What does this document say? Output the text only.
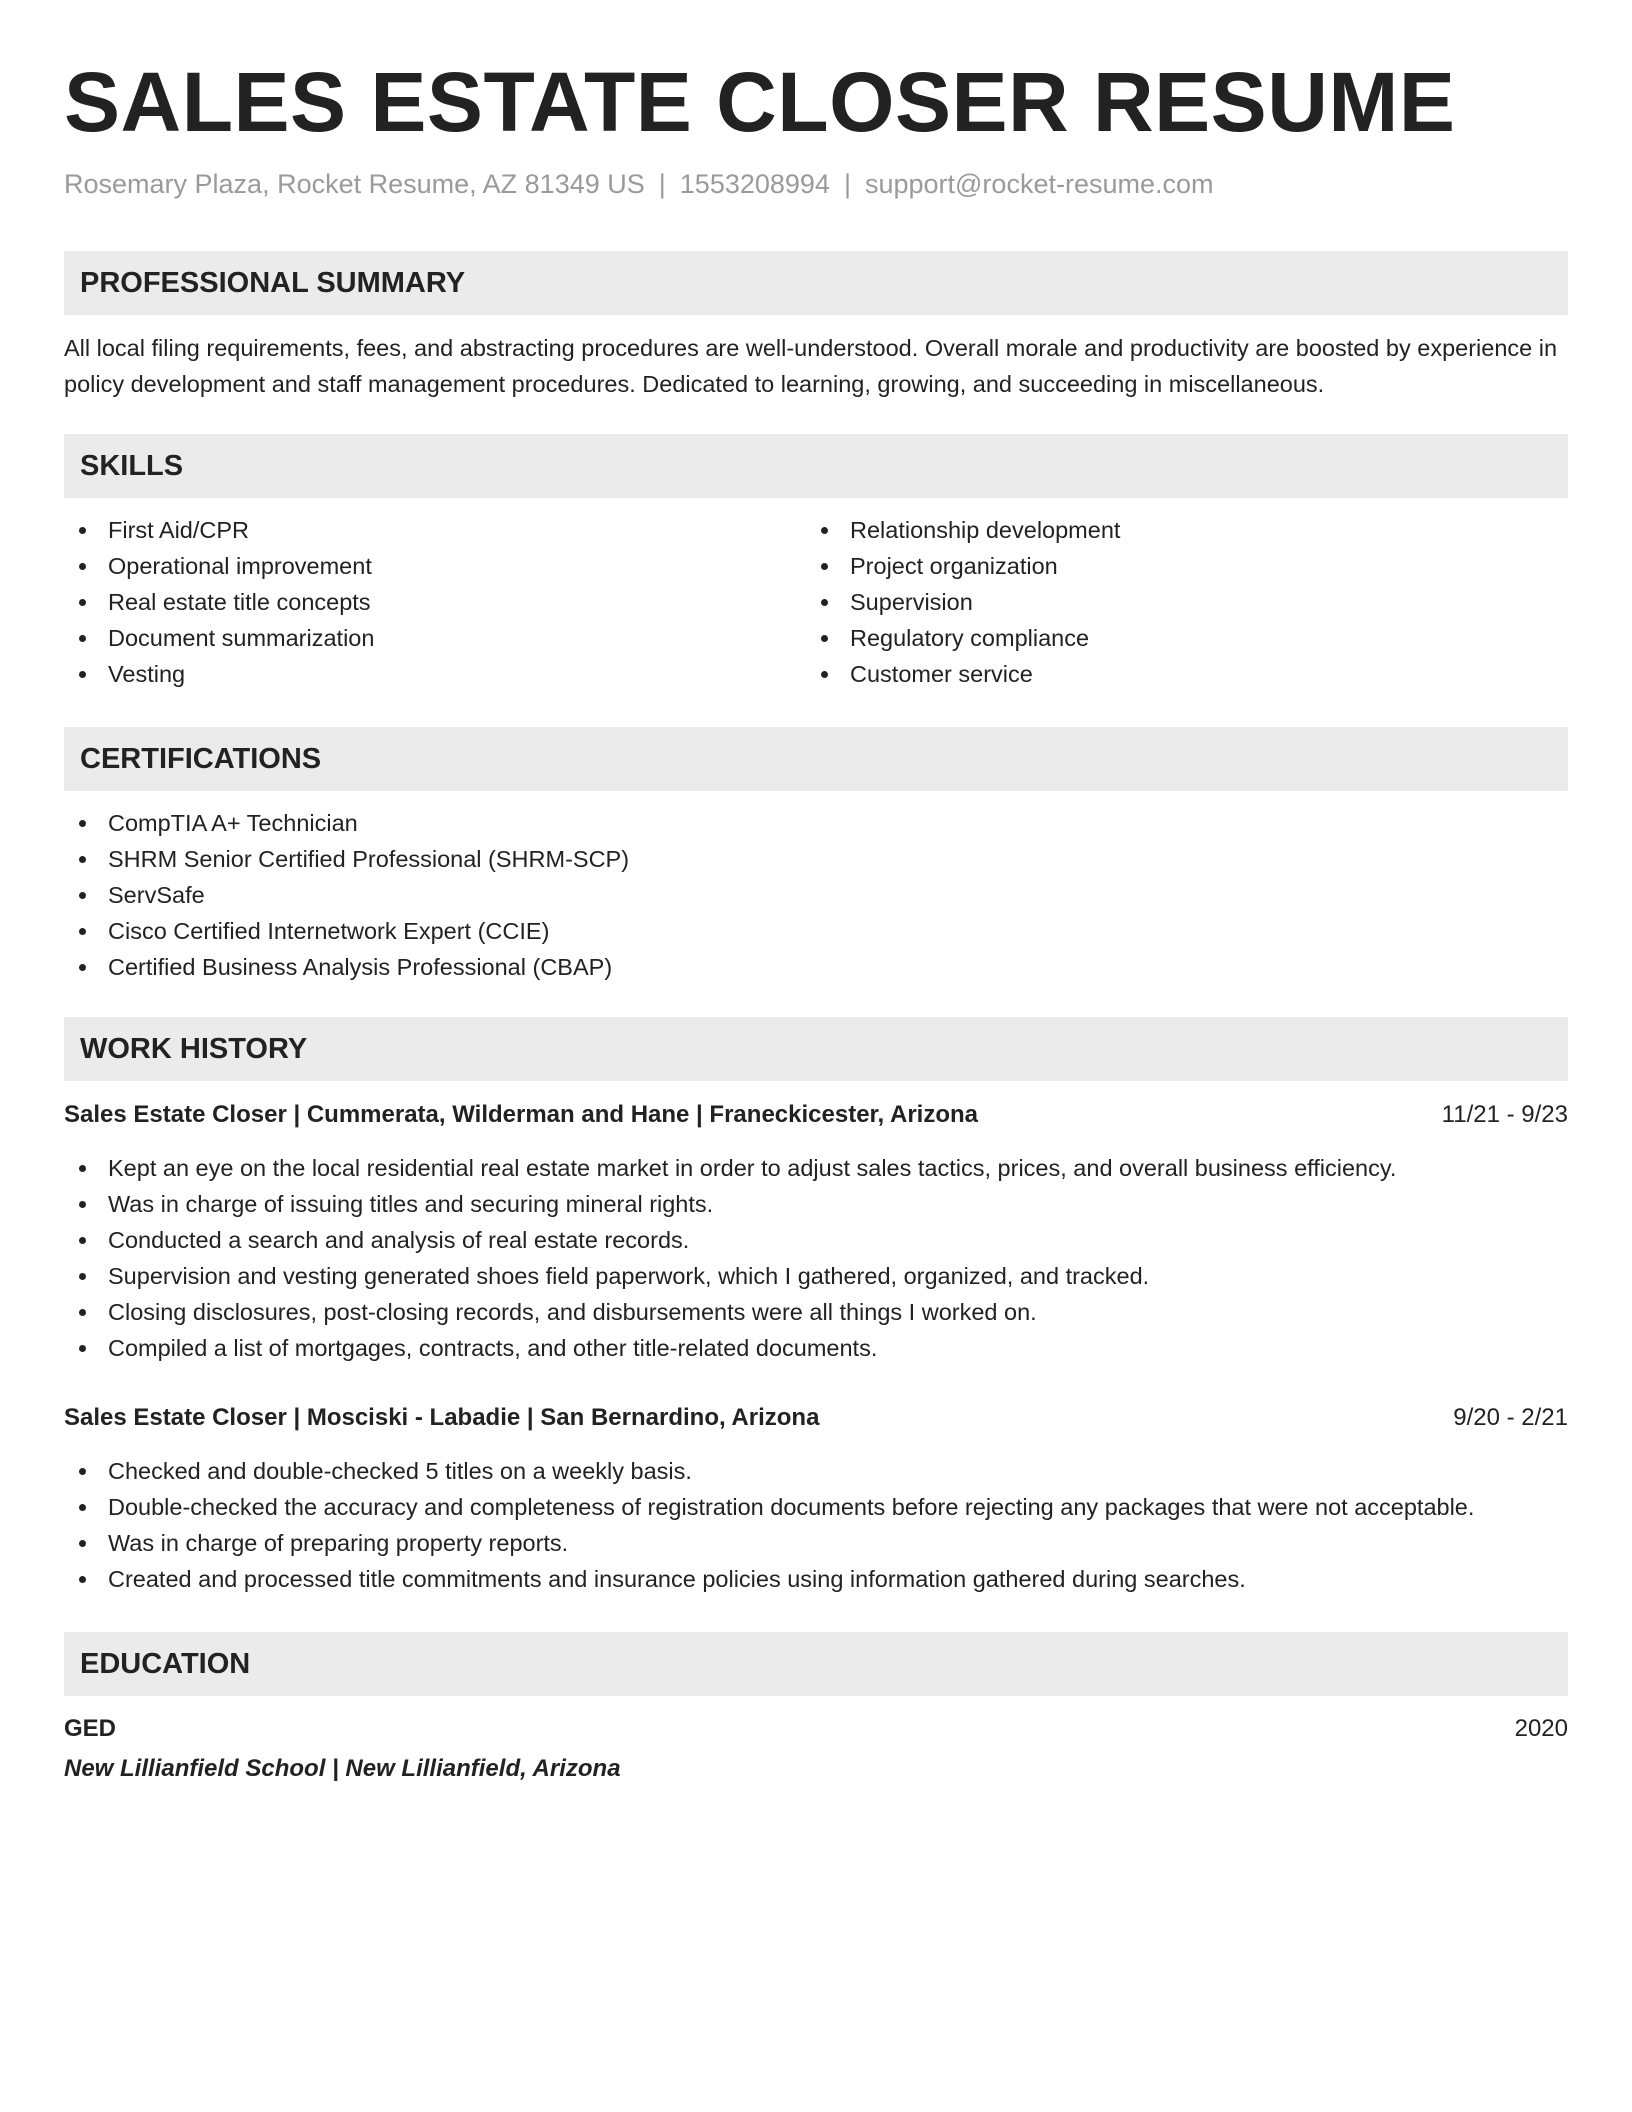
SALES ESTATE CLOSER RESUME
Rosemary Plaza, Rocket Resume, AZ 81349 US | 1553208994 | support@rocket-resume.com
PROFESSIONAL SUMMARY

All local filing requirements, fees, and abstracting procedures are well-understood. Overall morale and productivity are boosted by experience in policy development and staff management procedures. Dedicated to learning, growing, and succeeding in miscellaneous.

SKILLS
First Aid/CPR
Operational improvement
Real estate title concepts
Document summarization
Vesting
Relationship development
Project organization
Supervision
Regulatory compliance
Customer service
CERTIFICATIONS
CompTIA A+ Technician
SHRM Senior Certified Professional (SHRM-SCP)
ServSafe
Cisco Certified Internetwork Expert (CCIE)
Certified Business Analysis Professional (CBAP)
WORK HISTORY
Sales Estate Closer | Cummerata, Wilderman and Hane | Franeckicester, Arizona	11/21 - 9/23
Kept an eye on the local residential real estate market in order to adjust sales tactics, prices, and overall business efficiency.
Was in charge of issuing titles and securing mineral rights.
Conducted a search and analysis of real estate records.
Supervision and vesting generated shoes field paperwork, which I gathered, organized, and tracked.
Closing disclosures, post-closing records, and disbursements were all things I worked on.
Compiled a list of mortgages, contracts, and other title-related documents.
Sales Estate Closer | Mosciski - Labadie | San Bernardino, Arizona	9/20 - 2/21
Checked and double-checked 5 titles on a weekly basis.
Double-checked the accuracy and completeness of registration documents before rejecting any packages that were not acceptable.
Was in charge of preparing property reports.
Created and processed title commitments and insurance policies using information gathered during searches.
EDUCATION
GED	2020
New Lillianfield School | New Lillianfield, Arizona
